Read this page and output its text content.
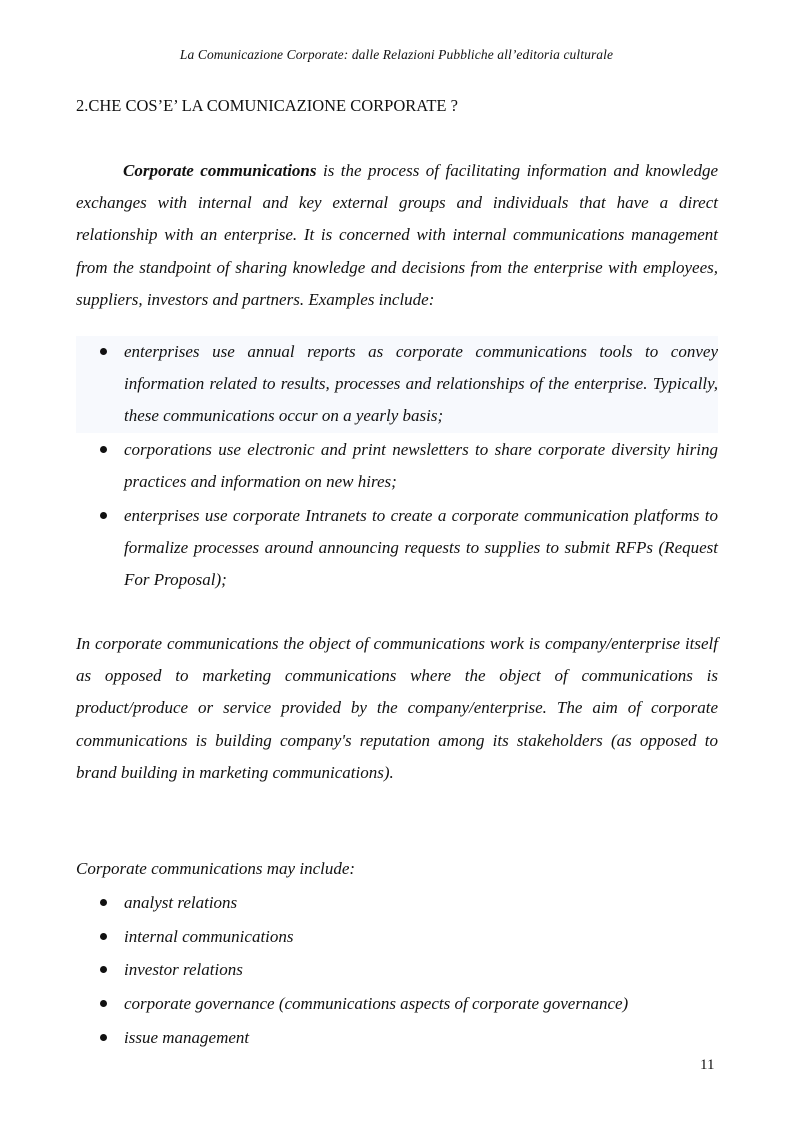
La Comunicazione Corporate: dalle Relazioni Pubbliche all’editoria culturale
2.CHE COS’E’ LA COMUNICAZIONE CORPORATE ?

Corporate communications is the process of facilitating information and knowledge exchanges with internal and key external groups and individuals that have a direct relationship with an enterprise. It is concerned with internal communications management from the standpoint of sharing knowledge and decisions from the enterprise with employees, suppliers, investors and partners. Examples include:

enterprises use annual reports as corporate communications tools to convey information related to results, processes and relationships of the enterprise. Typically, these communications occur on a yearly basis;
corporations use electronic and print newsletters to share corporate diversity hiring practices and information on new hires;
enterprises use corporate Intranets to create a corporate communication platforms to formalize processes around announcing requests to supplies to submit RFPs (Request For Proposal);

In corporate communications the object of communications work is company/enterprise itself as opposed to marketing communications where the object of communications is product/produce or service provided by the company/enterprise. The aim of corporate communications is building company's reputation among its stakeholders (as opposed to brand building in marketing communications).

Corporate communications may include:

analyst relations
internal communications
investor relations
corporate governance (communications aspects of corporate governance)
issue management
11
